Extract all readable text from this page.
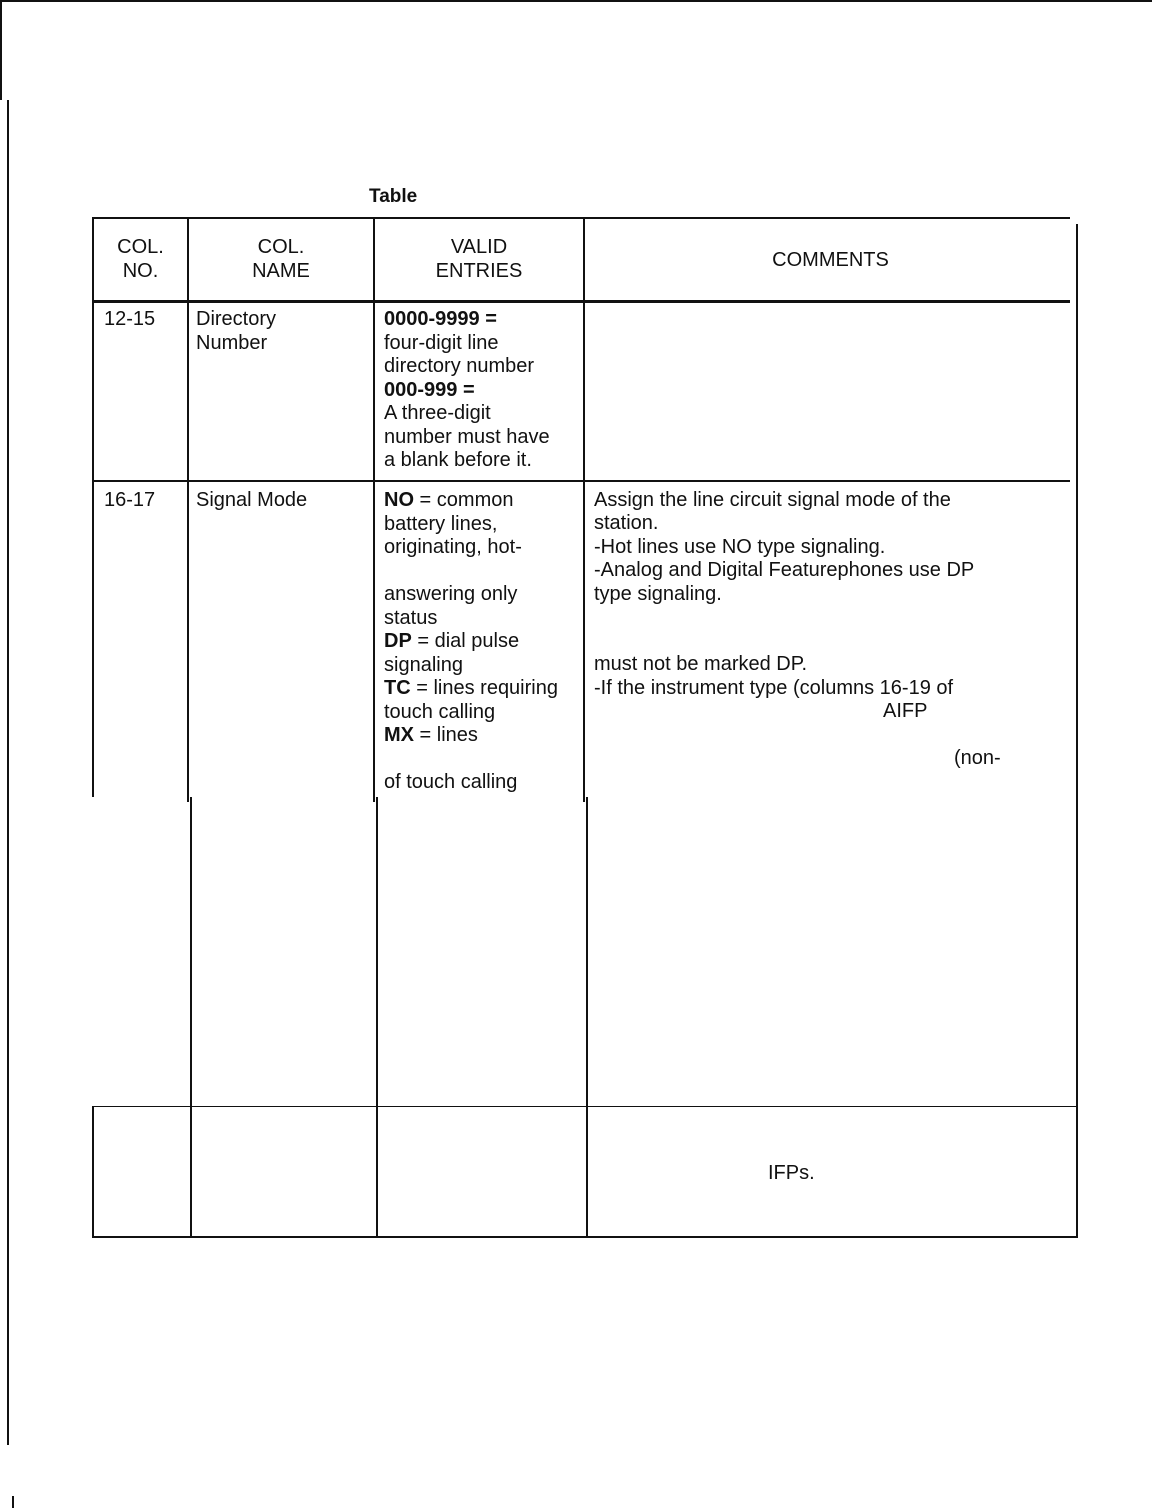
Table
COL.
NO.
COL.
NAME
VALID
ENTRIES	COMMENTS
12-15 Directory
Number
0000-9999 =
four-digit line
directory number
000-999 =
A three-digit
number must have
a blank before it.
16-17 Signal Mode	NO = common
battery lines,
originating, hot-
answering only
status
DP = dial pulse
signaling
TC = lines requiring
touch calling
MX = lines
of touch calling
Assign the line circuit signal mode of the
station.
-Hot lines use NO type signaling.
-Analog and Digital Featurephones use DP
type signaling.
must not be marked DP.
-If the instrument type (columns 16-19 of
AIFP
(non-
IFPs.
